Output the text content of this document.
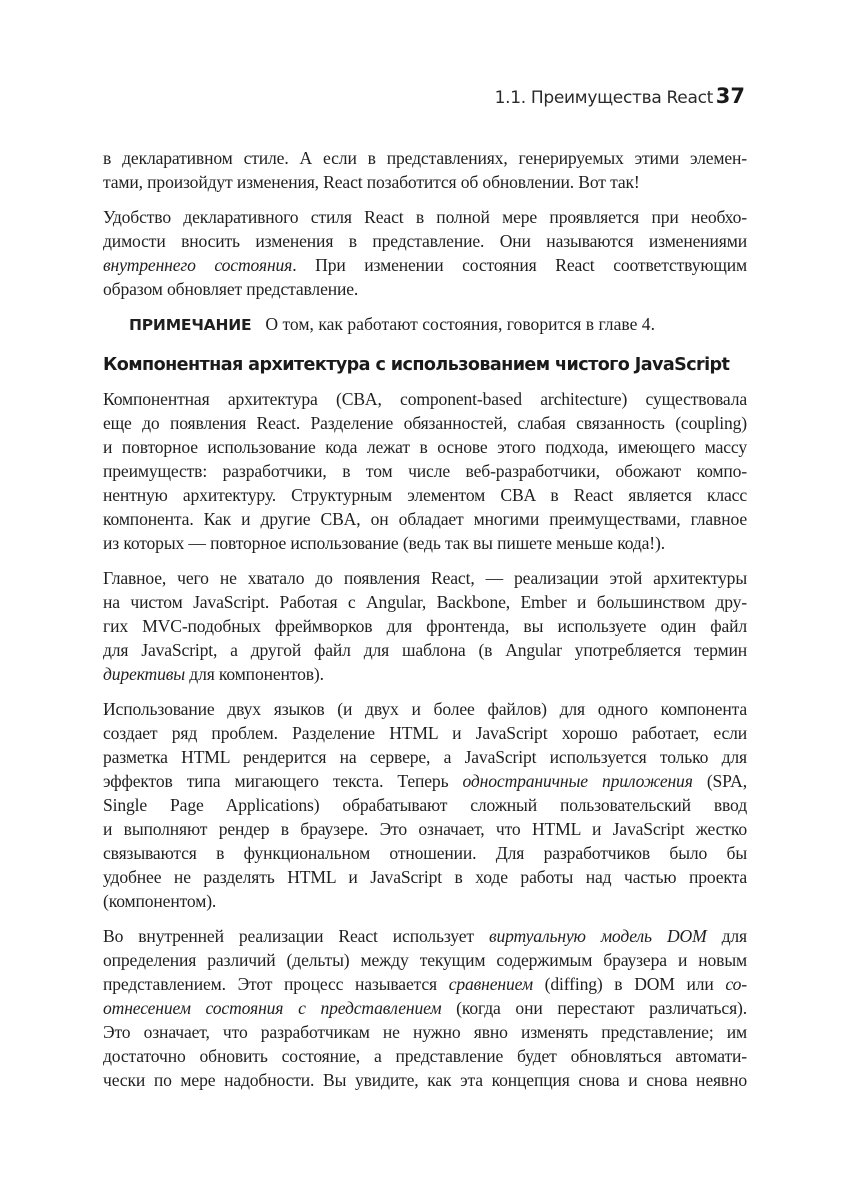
1.1. Преимущества React 37
в декларативном стиле. А если в представлениях, генерируемых этими элемен-
тами, произойдут изменения, React позаботится об обновлении. Вот так!
Удобство декларативного стиля React в полной мере проявляется при необхо-
димости вносить изменения в представление. Они называются изменениями
внутреннего состояния. При изменении состояния React соответствующим
образом обновляет представление.
ПРИМЕЧАНИЕ О том, как работают состояния, говорится в главе 4.
Компонентная архитектура с использованием чистого JavaScript
Компонентная архитектура (CBA, component-based architecture) существовала
еще до появления React. Разделение обязанностей, слабая связанность (coupling)
и повторное использование кода лежат в основе этого подхода, имеющего массу
преимуществ: разработчики, в том числе веб-разработчики, обожают компо-
нентную архитектуру. Структурным элементом CBA в React является класс
компонента. Как и другие CBA, он обладает многими преимуществами, главное
из которых — повторное использование (ведь так вы пишете меньше кода!).
Главное, чего не хватало до появления React, — реализации этой архитектуры
на чистом JavaScript. Работая с Angular, Backbone, Ember и большинством дру-
гих MVC-подобных фреймворков для фронтенда, вы используете один файл
для JavaScript, а другой файл для шаблона (в Angular употребляется термин
директивы для компонентов).
Использование двух языков (и двух и более файлов) для одного компонента
создает ряд проблем. Разделение HTML и JavaScript хорошо работает, если
разметка HTML рендерится на сервере, а JavaScript используется только для
эффектов типа мигающего текста. Теперь одностраничные приложения (SPA,
Single Page Applications) обрабатывают сложный пользовательский ввод
и выполняют рендер в браузере. Это означает, что HTML и JavaScript жестко
связываются в функциональном отношении. Для разработчиков было бы
удобнее не разделять HTML и JavaScript в ходе работы над частью проекта
(компонентом).
Во внутренней реализации React использует виртуальную модель DOM для
определения различий (дельты) между текущим содержимым браузера и новым
представлением. Этот процесс называется сравнением (diffing) в DOM или со-
отнесением состояния с представлением (когда они перестают различаться).
Это означает, что разработчикам не нужно явно изменять представление; им
достаточно обновить состояние, а представление будет обновляться автомати-
чески по мере надобности. Вы увидите, как эта концепция снова и снова неявно
